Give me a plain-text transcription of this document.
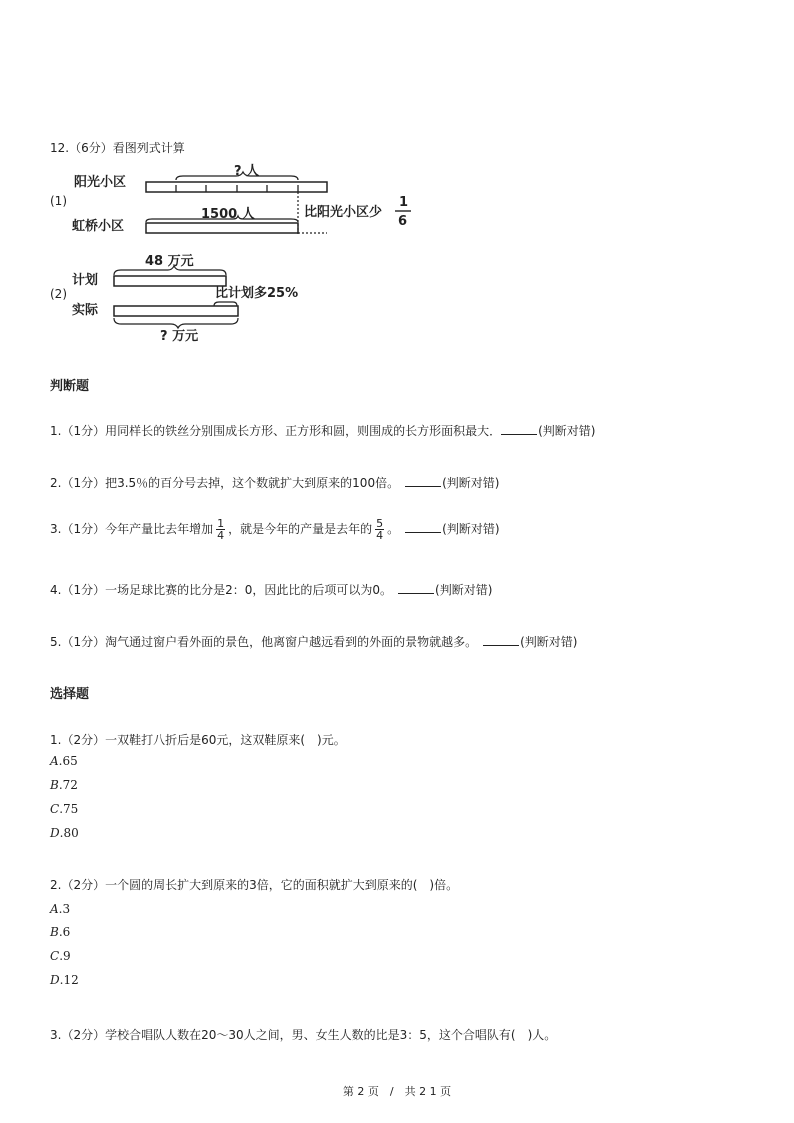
12.（6分）看图列式计算
(1)
(2)
阳光小区
? 人
1500 人
虹桥小区
比阳光小区少
1
6
48 万元
计划
比计划多25%
实际
? 万元
判断题
1.（1分）用同样长的铁丝分别围成长方形、正方形和圆，则围成的长方形面积最大．	(判断对错)
2.（1分）把3.5％的百分号去掉，这个数就扩大到原来的100倍。　	(判断对错)
3.（1分）今年产量比去年增加 $\frac{1}{4}$ ，就是今年的产量是去年的 $\frac{5}{4}$ 。　	(判断对错)
4.（1分）一场足球比赛的比分是2：0，因此比的后项可以为0。　	(判断对错)
5.（1分）淘气通过窗户看外面的景色，他离窗户越远看到的外面的景物就越多。　	(判断对错)
选择题
1.（2分）一双鞋打八折后是60元，这双鞋原来(　)元。
A.65
B.72
C.75
D.80
2.（2分）一个圆的周长扩大到原来的3倍，它的面积就扩大到原来的(　)倍。
A.3
B.6
C.9
D.12
3.（2分）学校合唱队人数在20～30人之间，男、女生人数的比是3：5，这个合唱队有(　)人。
第 2 页　/　共 2 1 页
